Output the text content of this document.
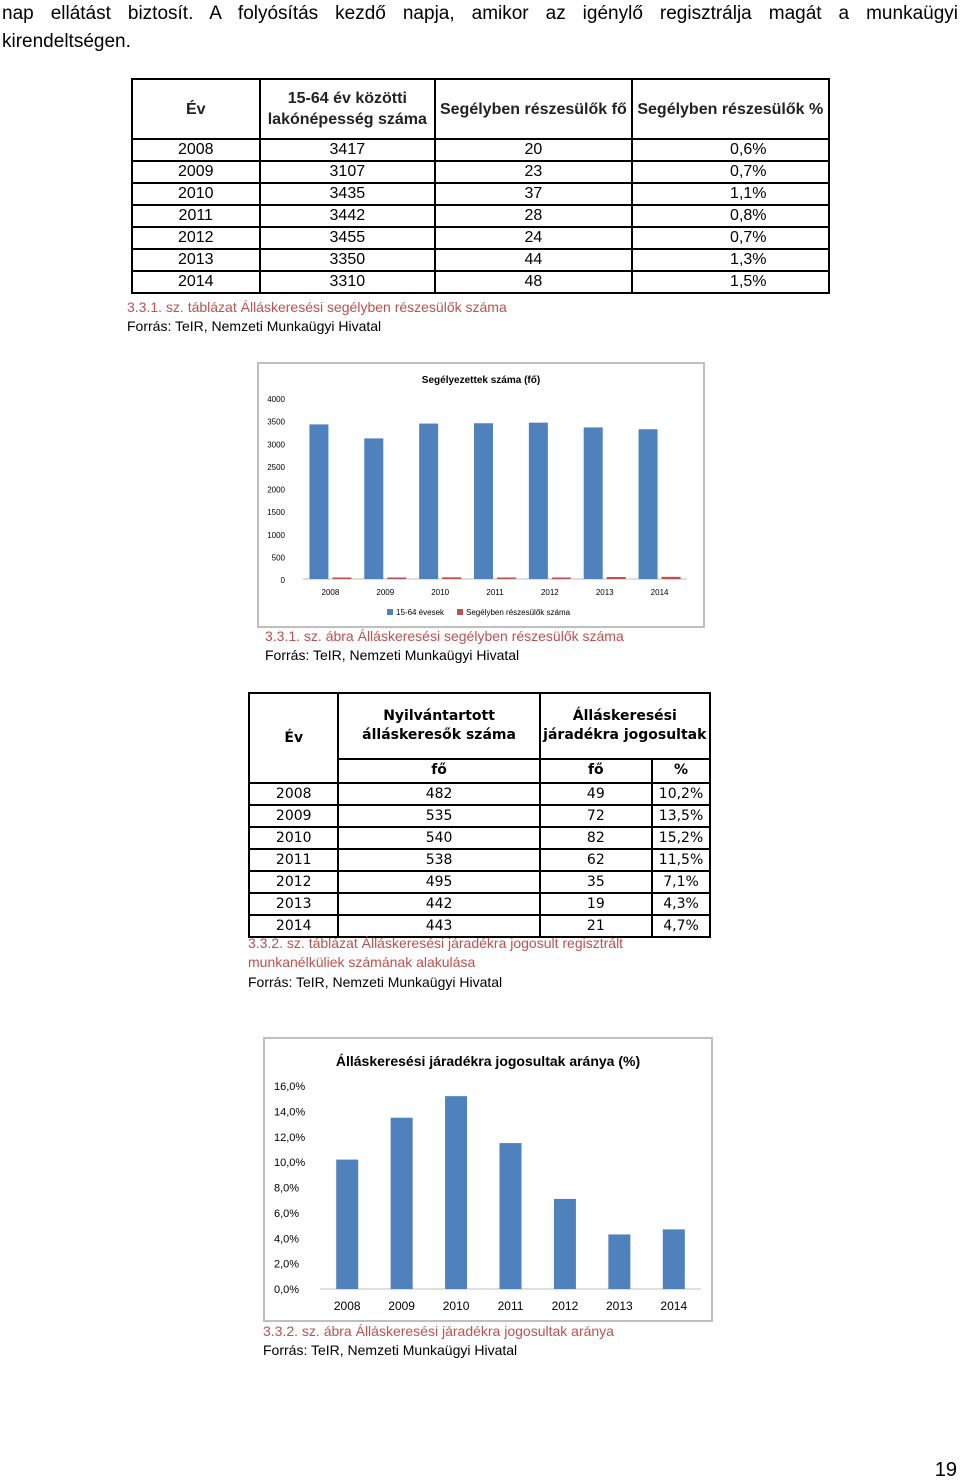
nap ellátást biztosít. A folyósítás kezdő napja, amikor az igénylő regisztrálja magát a munkaügyi
kirendeltségen.
Év	15-64 év közötti lakónépesség száma	Segélyben részesülők fő	Segélyben részesülők %
2008	3417	20	0,6%
2009	3107	23	0,7%
2010	3435	37	1,1%
2011	3442	28	0,8%
2012	3455	24	0,7%
2013	3350	44	1,3%
2014	3310	48	1,5%
3.3.1. sz. táblázat Álláskeresési segélyben részesülők száma
Forrás: TeIR, Nemzeti Munkaügyi Hivatal
Segélyezettek száma (fő)
0
500
1000
1500
2000
2500
3000
3500
4000
2008	2009	2010	2011	2012	2013	2014
15-64 évesek	Segélyben részesülők száma
3.3.1. sz. ábra Álláskeresési segélyben részesülők száma
Forrás: TeIR, Nemzeti Munkaügyi Hivatal
Év	Nyilvántartott álláskeresők száma	Álláskeresési járadékra jogosultak	
	fő	fő	%
2008	482	49	10,2%
2009	535	72	13,5%
2010	540	82	15,2%
2011	538	62	11,5%
2012	495	35	7,1%
2013	442	19	4,3%
2014	443	21	4,7%
3.3.2. sz. táblázat Álláskeresési járadékra jogosult regisztrált munkanélküliek számának alakulása
Forrás: TeIR, Nemzeti Munkaügyi Hivatal
Álláskeresési járadékra jogosultak aránya (%)
0,0%
2,0%
4,0%
6,0%
8,0%
10,0%
12,0%
14,0%
16,0%
2008 2009 2010 2011 2012 2013 2014
3.3.2. sz. ábra Álláskeresési járadékra jogosultak aránya
Forrás: TeIR, Nemzeti Munkaügyi Hivatal
19
